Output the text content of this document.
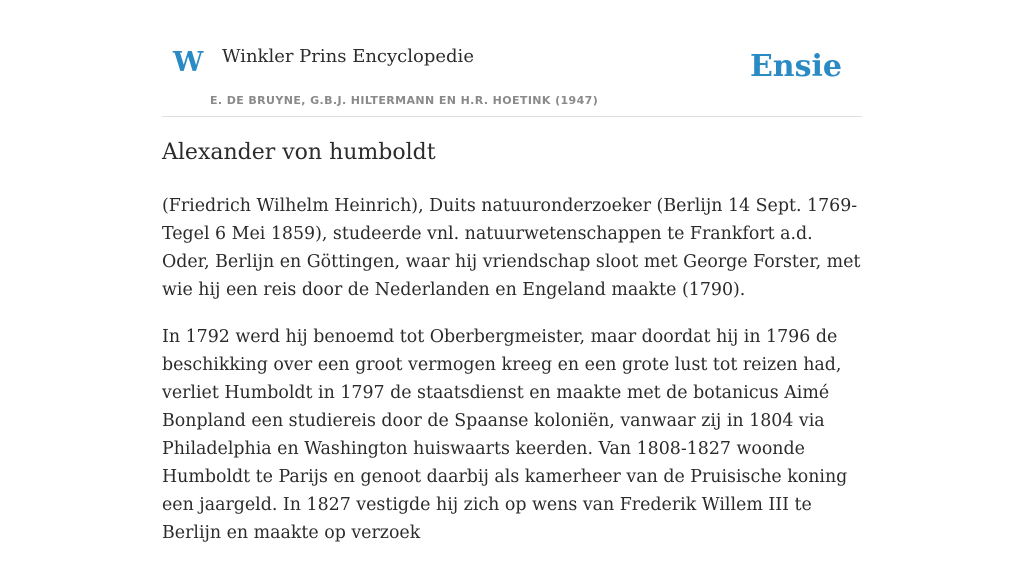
W Winkler Prins Encyclopedie
E. DE BRUYNE, G.B.J. HILTERMANN EN H.R. HOETINK (1947)
Ensie
Alexander von humboldt

(Friedrich Wilhelm Heinrich), Duits natuuronderzoeker (Berlijn 14 Sept. 1769-Tegel 6 Mei 1859), studeerde vnl. natuurwetenschappen te Frankfort a.d. Oder, Berlijn en Göttingen, waar hij vriendschap sloot met George Forster, met wie hij een reis door de Nederlanden en Engeland maakte (1790).

In 1792 werd hij benoemd tot Oberbergmeister, maar doordat hij in 1796 de beschikking over een groot vermogen kreeg en een grote lust tot reizen had, verliet Humboldt in 1797 de staatsdienst en maakte met de botanicus Aimé Bonpland een studiereis door de Spaanse koloniën, vanwaar zij in 1804 via Philadelphia en Washington huiswaarts keerden. Van 1808-1827 woonde Humboldt te Parijs en genoot daarbij als kamerheer van de Pruisische koning een jaargeld. In 1827 vestigde hij zich op wens van Frederik Willem III te Berlijn en maakte op verzoek
